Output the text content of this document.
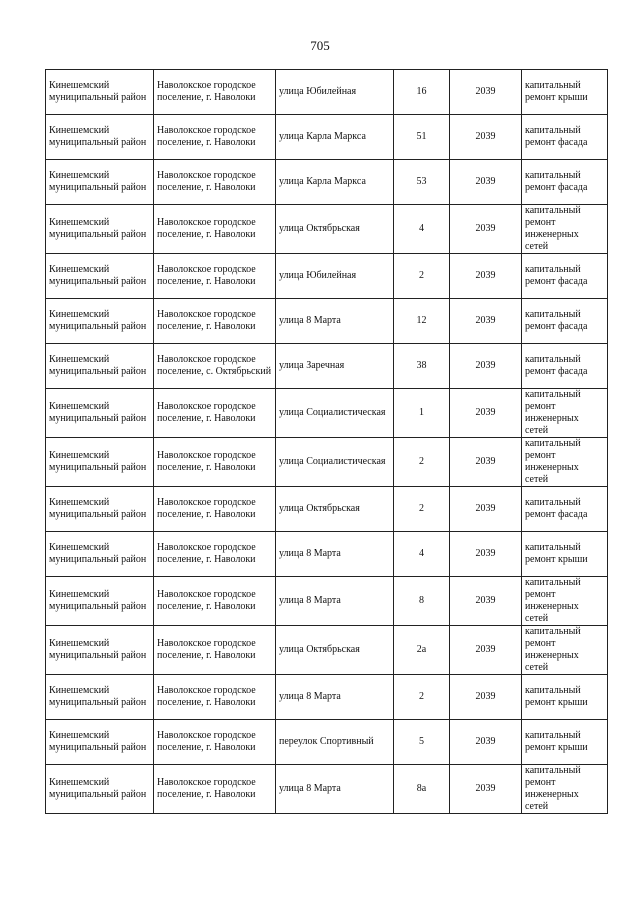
705
Кинешемский муниципальный район	Наволокское городское поселение, г. Наволоки	улица Юбилейная	16	2039	капитальный ремонт крыши
Кинешемский муниципальный район	Наволокское городское поселение, г. Наволоки	улица Карла Маркса	51	2039	капитальный ремонт фасада
Кинешемский муниципальный район	Наволокское городское поселение, г. Наволоки	улица Карла Маркса	53	2039	капитальный ремонт фасада
Кинешемский муниципальный район	Наволокское городское поселение, г. Наволоки	улица Октябрьская	4	2039	капитальный ремонт инженерных сетей
Кинешемский муниципальный район	Наволокское городское поселение, г. Наволоки	улица Юбилейная	2	2039	капитальный ремонт фасада
Кинешемский муниципальный район	Наволокское городское поселение, г. Наволоки	улица 8 Марта	12	2039	капитальный ремонт фасада
Кинешемский муниципальный район	Наволокское городское поселение, с. Октябрьский	улица Заречная	38	2039	капитальный ремонт фасада
Кинешемский муниципальный район	Наволокское городское поселение, г. Наволоки	улица Социалистическая	1	2039	капитальный ремонт инженерных сетей
Кинешемский муниципальный район	Наволокское городское поселение, г. Наволоки	улица Социалистическая	2	2039	капитальный ремонт инженерных сетей
Кинешемский муниципальный район	Наволокское городское поселение, г. Наволоки	улица Октябрьская	2	2039	капитальный ремонт фасада
Кинешемский муниципальный район	Наволокское городское поселение, г. Наволоки	улица 8 Марта	4	2039	капитальный ремонт крыши
Кинешемский муниципальный район	Наволокское городское поселение, г. Наволоки	улица 8 Марта	8	2039	капитальный ремонт инженерных сетей
Кинешемский муниципальный район	Наволокское городское поселение, г. Наволоки	улица Октябрьская	2а	2039	капитальный ремонт инженерных сетей
Кинешемский муниципальный район	Наволокское городское поселение, г. Наволоки	улица 8 Марта	2	2039	капитальный ремонт крыши
Кинешемский муниципальный район	Наволокское городское поселение, г. Наволоки	переулок Спортивный	5	2039	капитальный ремонт крыши
Кинешемский муниципальный район	Наволокское городское поселение, г. Наволоки	улица 8 Марта	8а	2039	капитальный ремонт инженерных сетей
